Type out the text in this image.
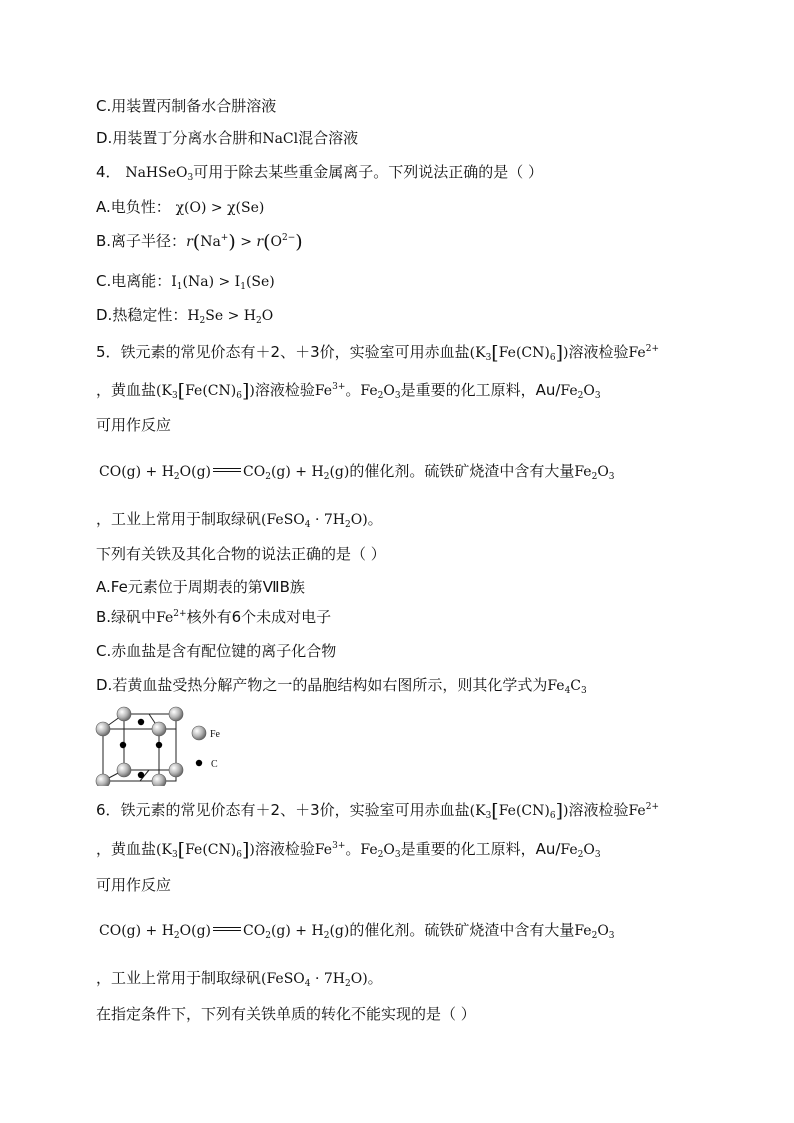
C.用装置丙制备水合肼溶液
D.用装置丁分离水合肼和NaCl混合溶液
4． NaHSeO$_3$可用于除去某些重金属离子。下列说法正确的是（ ）
A.电负性： χ(O) > χ(Se)
B.离子半径：$r(Na^+) > r(O^{2-})$
C.电离能：$I_1(Na) > I_1(Se)$
D.热稳定性：$H_2Se > H_2O$
5．铁元素的常见价态有＋2、＋3价，实验室可用赤血盐$(K_3[Fe(CN)_6])$溶液检验$Fe^{2+}$
，黄血盐$(K_3[Fe(CN)_6])$溶液检验$Fe^{3+}$。$Fe_2O_3$是重要的化工原料，$Au/Fe_2O_3$
可用作反应
$CO(g) + H_2O(g) CO_2(g) + H_2(g)$的催化剂。硫铁矿烧渣中含有大量$Fe_2O_3$
，工业上常用于制取绿矾(FeSO$_4$ · $7H_2O$)。
下列有关铁及其化合物的说法正确的是（ ）
A.Fe元素位于周期表的第ⅦB族
B.绿矾中$Fe^{2+}$核外有6个未成对电子
C.赤血盐是含有配位键的离子化合物
D.若黄血盐受热分解产物之一的晶胞结构如右图所示，则其化学式为$Fe_4C_3$
Fe
C
6．铁元素的常见价态有＋2、＋3价，实验室可用赤血盐$(K_3[Fe(CN)_6])$溶液检验$Fe^{2+}$
，黄血盐$(K_3[Fe(CN)_6])$溶液检验$Fe^{3+}$。$Fe_2O_3$是重要的化工原料，$Au/Fe_2O_3$
可用作反应
$CO(g) + H_2O(g) CO_2(g) + H_2(g)$的催化剂。硫铁矿烧渣中含有大量$Fe_2O_3$
，工业上常用于制取绿矾(FeSO$_4$ · $7H_2O$)。
在指定条件下，下列有关铁单质的转化不能实现的是（ ）
